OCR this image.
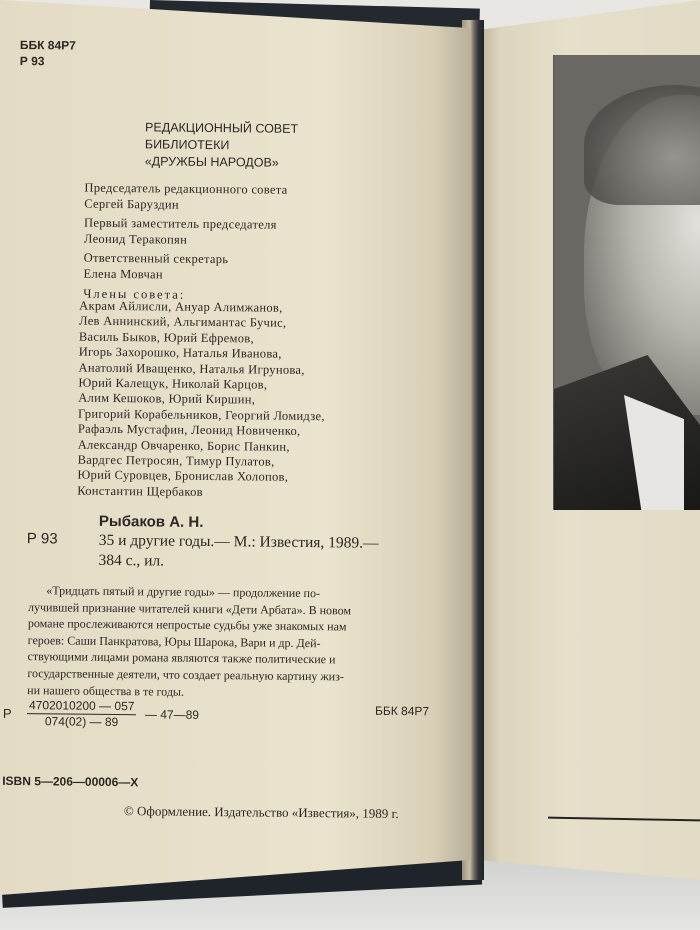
ББК 84Р7
Р 93
РЕДАКЦИОННЫЙ СОВЕТ
БИБЛИОТЕКИ
«ДРУЖБЫ НАРОДОВ»
Председатель редакционного совета
Сергей Баруздин
Первый заместитель председателя
Леонид Теракопян
Ответственный секретарь
Елена Мовчан
Члены совета:
Акрам Айлисли, Ануар Алимжанов,
Лев Аннинский, Альгимантас Бучис,
Василь Быков, Юрий Ефремов,
Игорь Захорошко, Наталья Иванова,
Анатолий Иващенко, Наталья Игрунова,
Юрий Калещук, Николай Карцов,
Алим Кешоков, Юрий Киршин,
Григорий Корабельников, Георгий Ломидзе,
Рафаэль Мустафин, Леонид Новиченко,
Александр Овчаренко, Борис Панкин,
Вардгес Петросян, Тимур Пулатов,
Юрий Суровцев, Бронислав Холопов,
Константин Щербаков
Рыбаков А. Н.
Р 93	35 и другие годы.— М.: Известия, 1989.—
384 с., ил.
«Тридцать пятый и другие годы» — продолжение по-
лучившей признание читателей книги «Дети Арбата». В новом
романе прослеживаются непростые судьбы уже знакомых нам
героев: Саши Панкратова, Юры Шарока, Вари и др. Дей-
ствующими лицами романа являются также политические и
государственные деятели, что создает реальную картину жиз-
ни нашего общества в те годы.
Р $\frac{4702010200 — 057}{074(02) — 89}$ — 47—89	ББК 84Р7
ISBN 5—206—00006—X
© Оформление. Издательство «Известия», 1989 г.
